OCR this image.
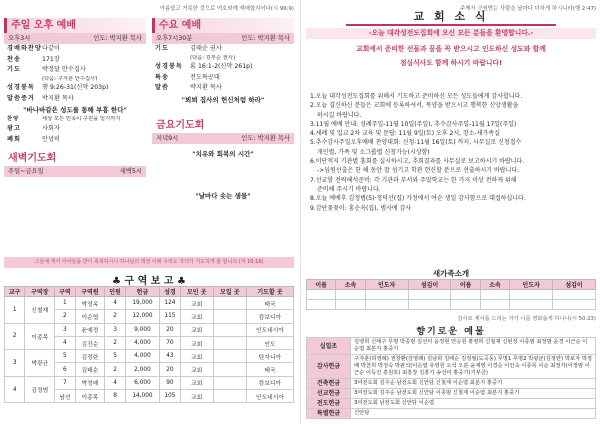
아름답고 거룩한 것으로 여호와께 예배할지어다(시 96:9)
주일 오후 예배
오후3시	인도: 박지환 목사
경배와찬양 다같이
찬송	171장
기도	박정달 안수집사
(다음: 구자훈 안수집사)
성경봉독	행 9:26-31(신약 203p)
말씀증거	박지환 목사
"바나바같은 성도를 통해 부흥 한다"
찬양	세상 모든 민족이 구원을 얻기까지
광고	사회자
폐회	안녕히
새벽기도회
주일~금요일	새벽5시
수요 예배
오후7시30분	인도: 박지환 목사
기도	김태순 권사
(다음: 김부순 권사)
성경봉독	롬 16:1-2(신약 261p)
특송	전도특공대
말씀	박지환 목사
"뵈뵈 집사의 헌신처럼 하라"
금요기도회
저녁9시	인도: 박지환 목사
"치유와 회복의 시간"
"날마다 솟는 샘물"
그들에 게서 아이들을 받아 축복하시니 하나님의 맥정 아래 우리도 자녀가 기도하게 할 합니다 (막 10:16)
♣ 구 역 보 고 ♣
교구	구역장	구역	구역원	인원	헌금	성경	모인 곳	모일 곳	기도할 곳
1	신철재	1	박정옥	4	19,000	124	교회		태국
		2	이순엽	2	12,000	115	교회		캄보디아
2	이종목	3	윤예정	3	9,000	20	교회		인도네시아
		4	김진순	2	4,000	70	교회		인도
3	박광균	5	김정란	5	4,000	43	교회		탄자니아
		6	김태순	2	2,000	20	교회		태국
4	김정범	7	박정배	4	6,000	90	교회		캄보디아
		남선	이종목	8	14,000	105	교회		인도네시아
주께서 구원받는 사람을 날마다 더하게 하시니라(행 2:47)
교 회 소 식
-오늘 대각성전도집회에 오신 모든 분들을 환영합니다.-
교회에서 준비한 선물과 꿈을 꼭 받으시고 인도하신 성도와 함께
점심식사도 함께 하시기 바랍니다!
1.오늘 대각성전도집회를 위해서 기도하고 준비하신 모든 성도들에게 감사합니다.
2.오늘 결신하신 분들은 교회에 등록하셔서, 목양을 받으시고 행복한 신앙생활을
하시길 바랍니다.
3.11월 예배 안내: 성례주일-11월 10일(주일), 추수감사주일-11월 17일(주일)
4.세례 및 입교 2차 교육 및 문답: 11월 9일(토) 오후 2시, 장소-새가족실
5.추수감사주일오후예배 찬양대회: 신청-11월 16일(토) 까지, 사무실로 신청접수
개인별, 가족 및 소그룹별 신청가능(시상함)
6.이단적지 기관별 홍회를 실시하시고, 추회결과를 사무실로 보고하시기 바랍니다.
->임원선출은 한 해 동안 잘 섬기고 학관 헌신할 분으로 선출하시기 바랍니다.
7.선교할 전략해석준비: 각 기관과 부서와 주말학교는 한 가지 이상 전하게 위해
준비해 주시기 바랍니다.
8.오늘 예배후 김정범(5)·정덕선(집) 가정에서 여순 생일 감사함으로 대접하십니다.
9.감단꽃꽂이: 홍순옥(집), 범사에 감사
새가족소개
이름	소속	인도자	섬김이	이름	소속	인도자	섬김이

감사로 제사를 드리는 자가 나를 영화롭게 하나니(시 50:23)
향기로운 예물
십일조	김영희 신태구 무명 박종범 김선미 윤정현 안승원 홍영희 신철재 신현정 이종범 최정범 윤경 이근순 이순엽 최분지 홍중기
감사헌금	구자훈(허영례) 권창환(김영례) 김남희 김태순 김정필(도곡동) 무명1 무명2 박광균(김정란) 박로자 박정배 박찬희 박정숙 박판석(이순엽 유영원 오석 오분 윤재영 이경순 이인숙 이종목 이순 최정자(이정범 이근순 이득진 흥원호) 최흥장 김흥기 송선미 홍중기(기부금)
건축헌금	3여전도회 김주순 남전도회 신안담 신철재 이순엽 최분지 홍중기
선교헌금	3여전도회 김주순 남전도회 신안담 이종범 신철재 이순엽 최분지 홍중기
전도헌금	3여전도회 남전도회 신안담 이순엽
특별헌금	신안담
